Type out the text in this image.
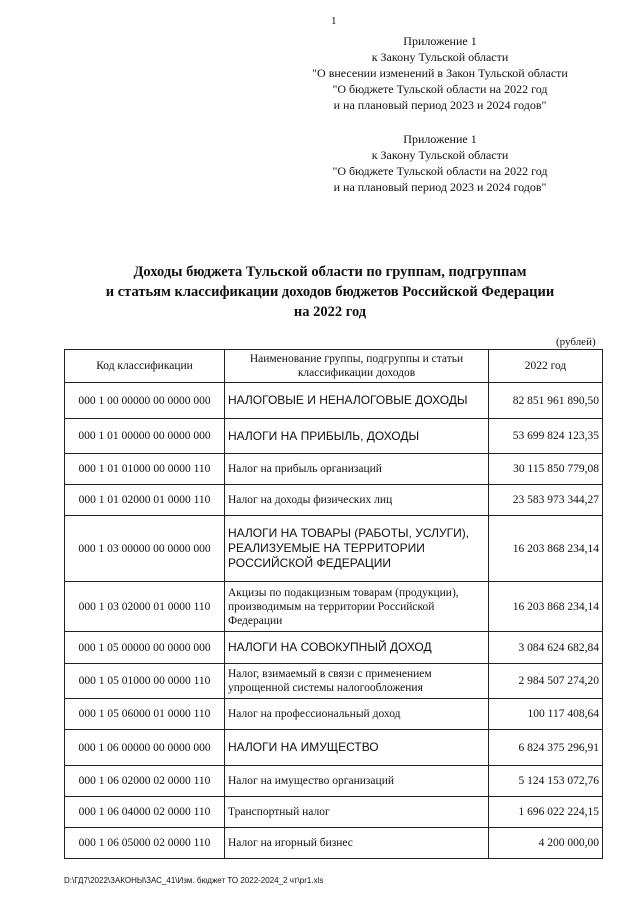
1
Приложение 1
к Закону Тульской области
"О внесении изменений в Закон Тульской области
"О бюджете Тульской области на 2022 год
и на плановый период 2023 и 2024 годов"
Приложение 1
к Закону Тульской области
"О бюджете Тульской области на 2022 год
и на плановый период 2023 и 2024 годов"
Доходы бюджета Тульской области по группам, подгруппам
и статьям классификации доходов бюджетов Российской Федерации
на 2022 год
(рублей)
Код классификации	Наименование группы, подгруппы и статьи классификации доходов	2022 год
000 1 00 00000 00 0000 000	НАЛОГОВЫЕ И НЕНАЛОГОВЫЕ ДОХОДЫ	82 851 961 890,50
000 1 01 00000 00 0000 000	НАЛОГИ НА ПРИБЫЛЬ, ДОХОДЫ	53 699 824 123,35
000 1 01 01000 00 0000 110	Налог на прибыль организаций	30 115 850 779,08
000 1 01 02000 01 0000 110	Налог на доходы физических лиц	23 583 973 344,27
000 1 03 00000 00 0000 000	НАЛОГИ НА ТОВАРЫ (РАБОТЫ, УСЛУГИ), РЕАЛИЗУЕМЫЕ НА ТЕРРИТОРИИ РОССИЙСКОЙ ФЕДЕРАЦИИ	16 203 868 234,14
000 1 03 02000 01 0000 110	Акцизы по подакцизным товарам (продукции), производимым на территории Российской Федерации	16 203 868 234,14
000 1 05 00000 00 0000 000	НАЛОГИ НА СОВОКУПНЫЙ ДОХОД	3 084 624 682,84
000 1 05 01000 00 0000 110	Налог, взимаемый в связи с применением упрощенной системы налогообложения	2 984 507 274,20
000 1 05 06000 01 0000 110	Налог на профессиональный доход	100 117 408,64
000 1 06 00000 00 0000 000	НАЛОГИ НА ИМУЩЕСТВО	6 824 375 296,91
000 1 06 02000 02 0000 110	Налог на имущество организаций	5 124 153 072,76
000 1 06 04000 02 0000 110	Транспортный налог	1 696 022 224,15
000 1 06 05000 02 0000 110	Налог на игорный бизнес	4 200 000,00
D:\ГД7\2022\ЗАКОНЫ\ЗАС_41\Изм. бюджет ТО 2022-2024_2 чт\pr1.xls
